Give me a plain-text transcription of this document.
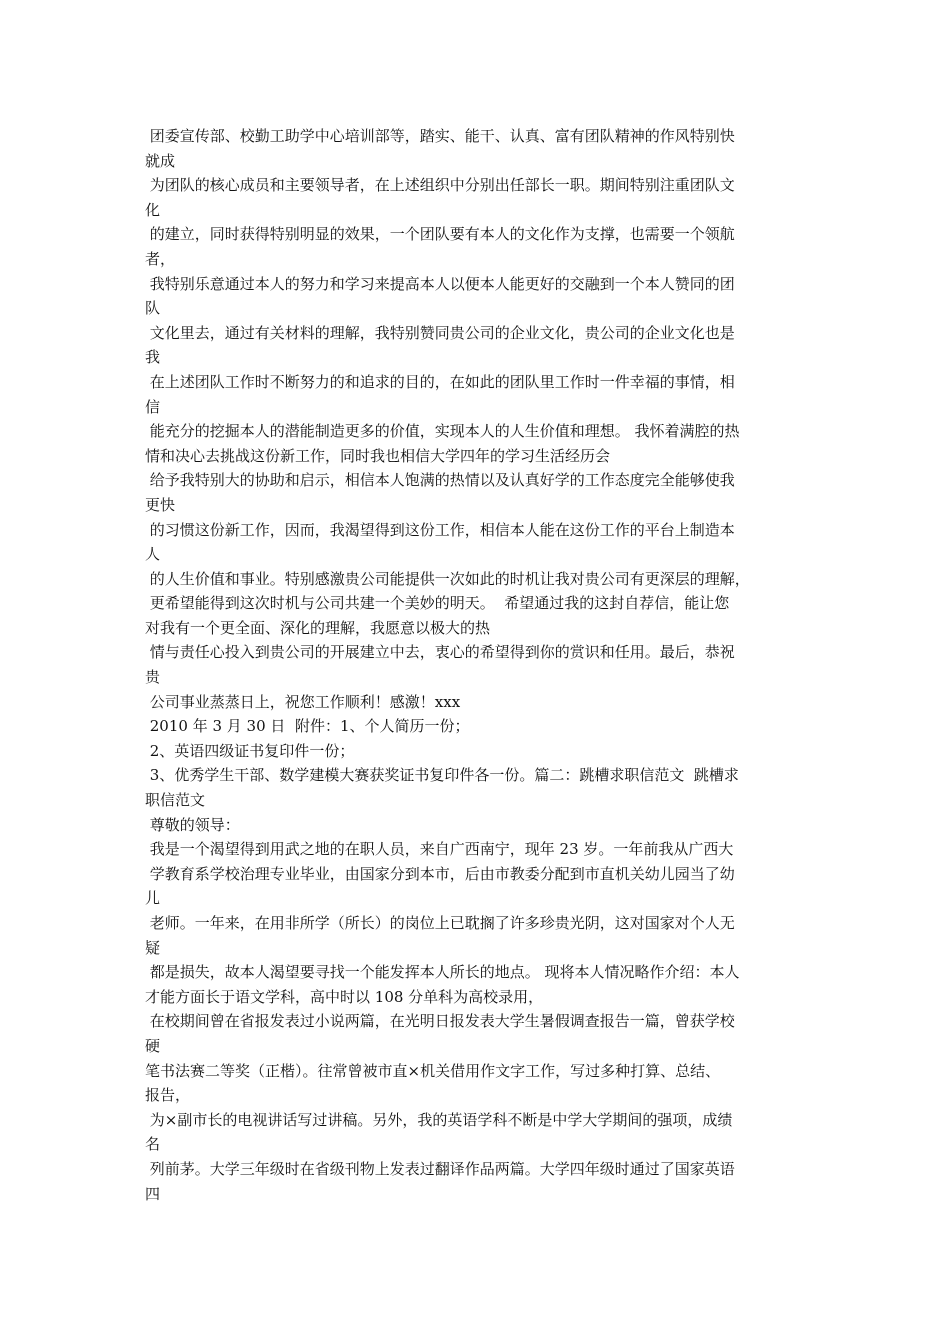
团委宣传部、校勤工助学中心培训部等，踏实、能干、认真、富有团队精神的作风特别快
就成
为团队的核心成员和主要领导者，在上述组织中分别出任部长一职。期间特别注重团队文
化
的建立，同时获得特别明显的效果，一个团队要有本人的文化作为支撑，也需要一个领航
者，
我特别乐意通过本人的努力和学习来提高本人以便本人能更好的交融到一个本人赞同的团
队
文化里去，通过有关材料的理解，我特别赞同贵公司的企业文化，贵公司的企业文化也是
我
在上述团队工作时不断努力的和追求的目的，在如此的团队里工作时一件幸福的事情，相
信
能充分的挖掘本人的潜能制造更多的价值，实现本人的人生价值和理想。 我怀着满腔的热
情和决心去挑战这份新工作，同时我也相信大学四年的学习生活经历会
给予我特别大的协助和启示，相信本人饱满的热情以及认真好学的工作态度完全能够使我
更快
的习惯这份新工作，因而，我渴望得到这份工作，相信本人能在这份工作的平台上制造本
人
的人生价值和事业。特别感激贵公司能提供一次如此的时机让我对贵公司有更深层的理解，
更希望能得到这次时机与公司共建一个美妙的明天。  希望通过我的这封自荐信，能让您
对我有一个更全面、深化的理解，我愿意以极大的热
情与责任心投入到贵公司的开展建立中去，衷心的希望得到你的赏识和任用。最后，恭祝
贵
公司事业蒸蒸日上，祝您工作顺利！感激！xxx
2010 年 3 月 30 日  附件：1、个人简历一份；
2、英语四级证书复印件一份；
3、优秀学生干部、数学建模大赛获奖证书复印件各一份。篇二：跳槽求职信范文  跳槽求
职信范文
尊敬的领导：
我是一个渴望得到用武之地的在职人员，来自广西南宁，现年 23 岁。一年前我从广西大
学教育系学校治理专业毕业，由国家分到本市，后由市教委分配到市直机关幼儿园当了幼
儿
老师。一年来，在用非所学（所长）的岗位上已耽搁了许多珍贵光阴，这对国家对个人无
疑
都是损失，故本人渴望要寻找一个能发挥本人所长的地点。 现将本人情况略作介绍：本人
才能方面长于语文学科，高中时以 108 分单科为高校录用，
在校期间曾在省报发表过小说两篇，在光明日报发表大学生暑假调查报告一篇，曾获学校
硬
笔书法赛二等奖（正楷）。往常曾被市直×机关借用作文字工作，写过多种打算、总结、
报告，
为×副市长的电视讲话写过讲稿。另外，我的英语学科不断是中学大学期间的强项，成绩
名
列前茅。大学三年级时在省级刊物上发表过翻译作品两篇。大学四年级时通过了国家英语
四
